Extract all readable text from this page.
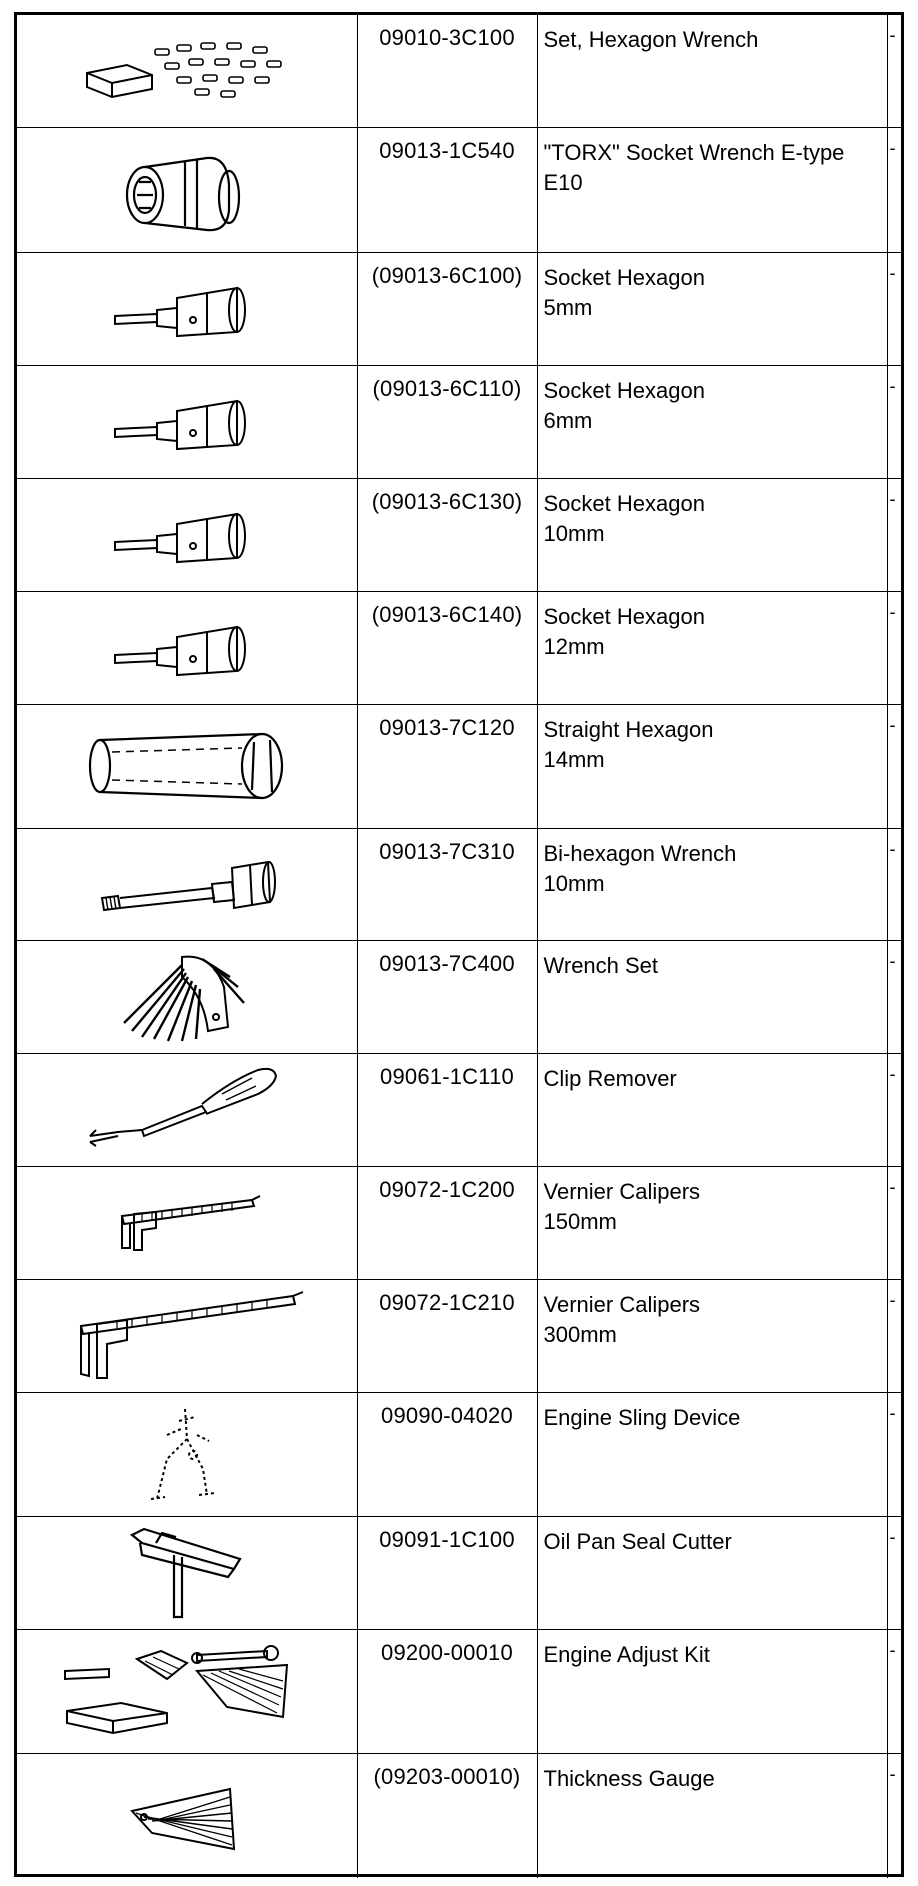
	09010-3C100	Set, Hexagon Wrench	-

	09013-1C540	"TORX" Socket Wrench E-type
E10	-

	(09013-6C100)	Socket Hexagon
5mm	-

	(09013-6C110)	Socket Hexagon
6mm	-

	(09013-6C130)	Socket Hexagon
10mm	-

	(09013-6C140)	Socket Hexagon
12mm	-

	09013-7C120	Straight Hexagon
14mm	-

	09013-7C310	Bi-hexagon Wrench
10mm	-

	09013-7C400	Wrench Set	-

	09061-1C110	Clip Remover	-

	09072-1C200	Vernier Calipers
150mm	-

	09072-1C210	Vernier Calipers
300mm	-

	09090-04020	Engine Sling Device	-

	09091-1C100	Oil Pan Seal Cutter	-

	09200-00010	Engine Adjust Kit	-

	(09203-00010)	Thickness Gauge	-
